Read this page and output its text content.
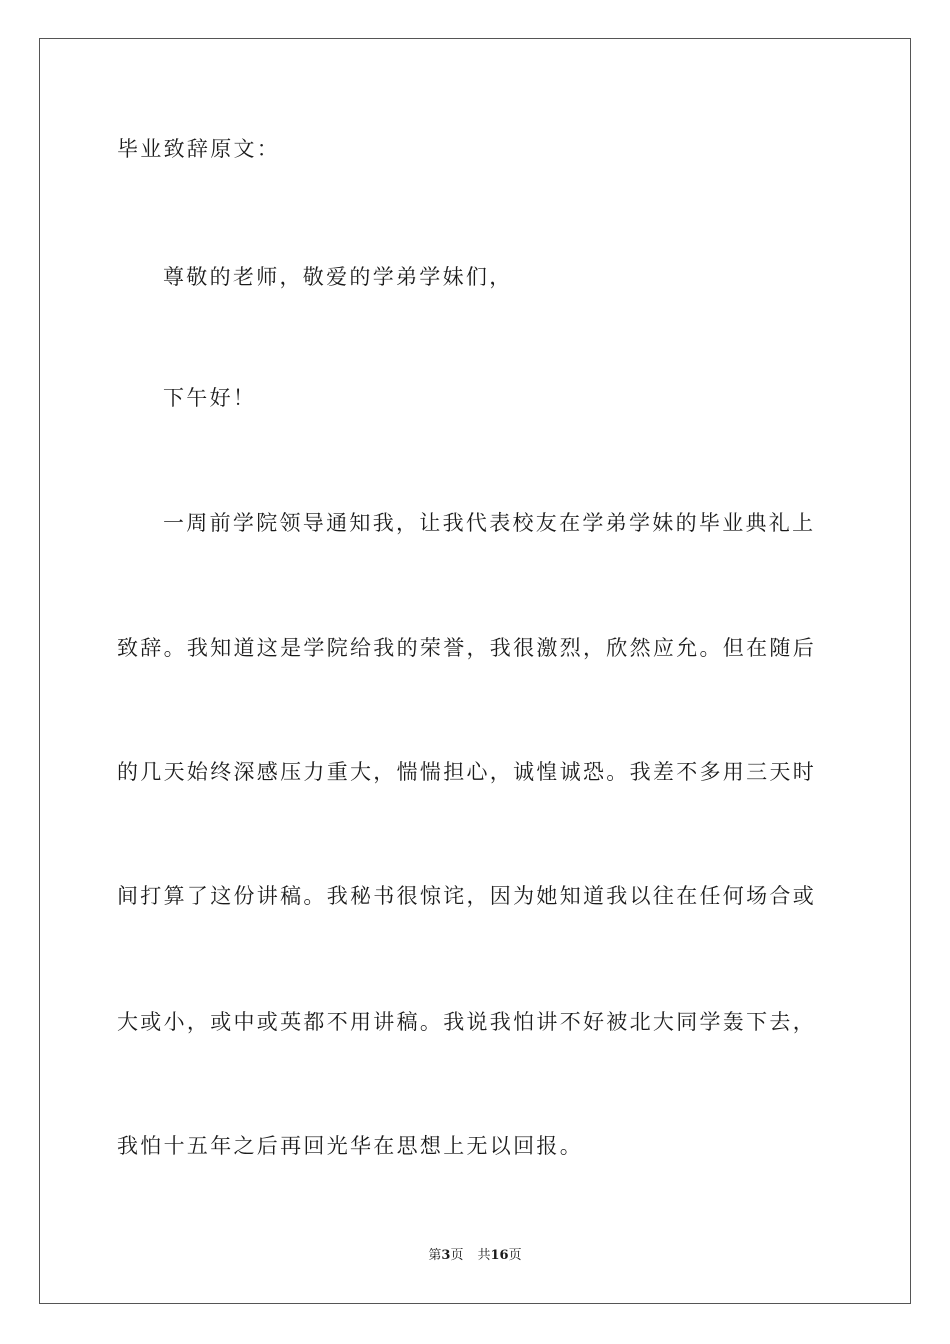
毕业致辞原文：
尊敬的老师，敬爱的学弟学妹们，
下午好！
一周前学院领导通知我，让我代表校友在学弟学妹的毕业典礼上
致辞。我知道这是学院给我的荣誉，我很激烈，欣然应允。但在随后
的几天始终深感压力重大，惴惴担心，诚惶诚恐。我差不多用三天时
间打算了这份讲稿。我秘书很惊诧，因为她知道我以往在任何场合或
大或小，或中或英都不用讲稿。我说我怕讲不好被北大同学轰下去，
我怕十五年之后再回光华在思想上无以回报。
第3页 共16页
